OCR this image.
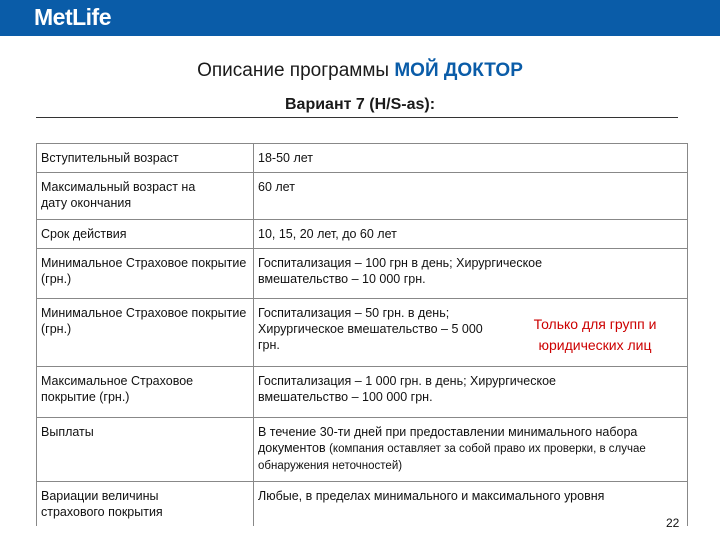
MetLife
Описание программы МОЙ ДОКТОР
Вариант 7 (H/S-as):
Вступительный возраст	18-50 лет

Максимальный возраст на дату окончания	60 лет
Срок действия	10, 15, 20 лет, до 60 лет
Минимальное Страховое покрытие (грн.)	Госпитализация – 100 грн в день; Хирургическое вмешательство – 10 000 грн.

Минимальное Страховое покрытие (грн.)	Госпитализация – 50 грн. в день; Хирургическое вмешательство – 5 000 грн.

Максимальное Страховое покрытие (грн.)	Госпитализация – 1 000 грн. в день; Хирургическое вмешательство – 100 000 грн.

Выплаты	В течение 30-ти дней при предоставлении минимального набора документов (компания оставляет за собой право их проверки, в случае обнаружения неточностей)

Вариации величины страхового покрытия	Любые, в пределах минимального и максимального уровня
Только для групп и юридических лиц
22
